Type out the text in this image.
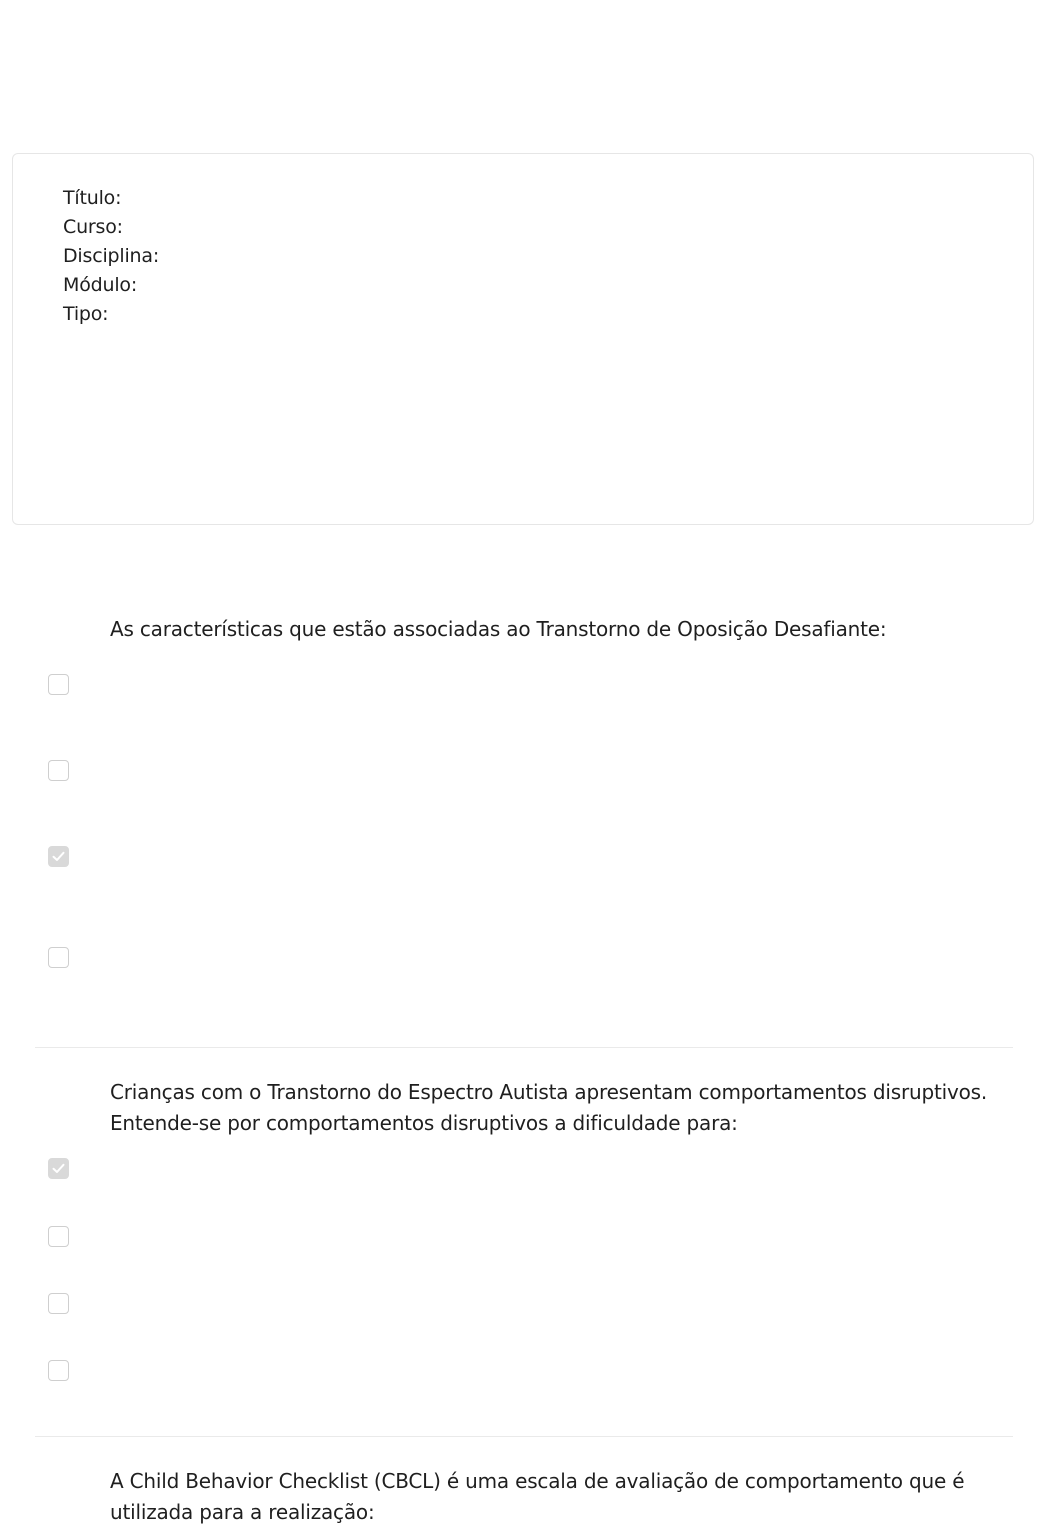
Título:
Curso:
Disciplina:
Módulo:
Tipo:

As características que estão associadas ao Transtorno de Oposição Desafiante:

Crianças com o Transtorno do Espectro Autista apresentam comportamentos disruptivos. Entende-se por comportamentos disruptivos a dificuldade para:

A Child Behavior Checklist (CBCL) é uma escala de avaliação de comportamento que é utilizada para a realização:
